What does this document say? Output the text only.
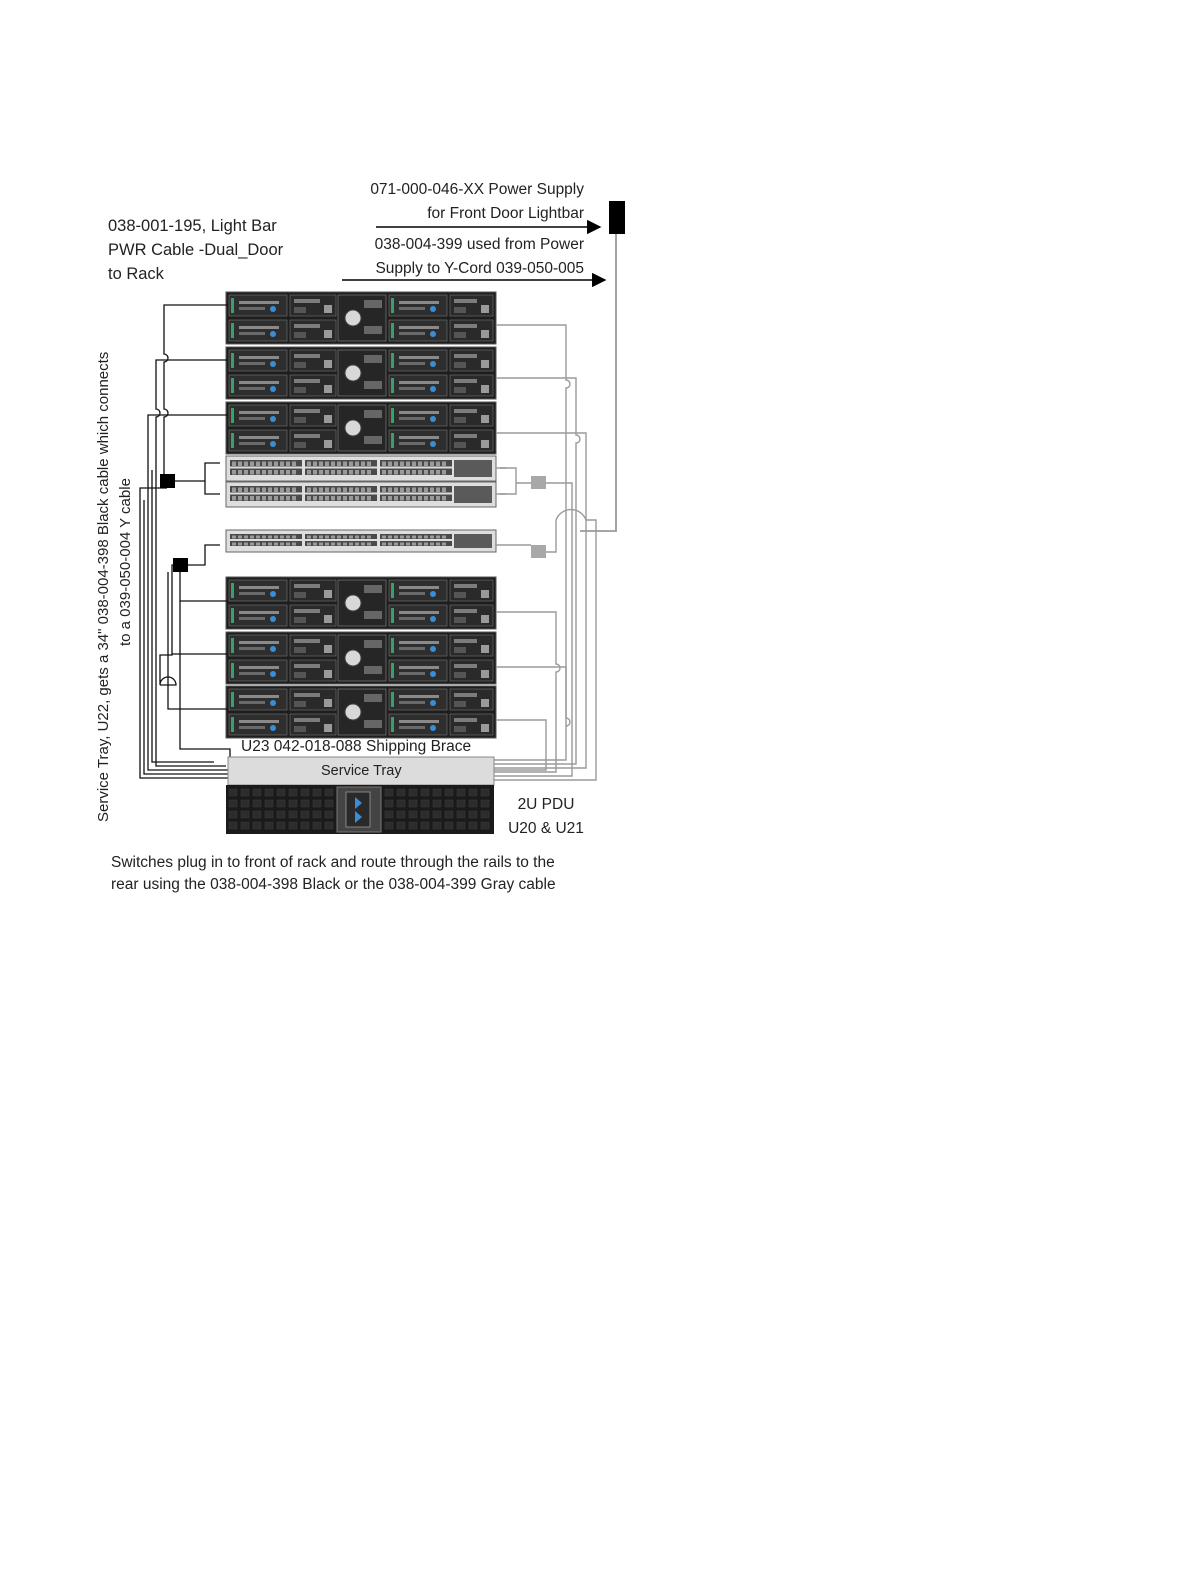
071-000-046-XX Power Supply
for Front Door Lightbar
038-001-195, Light Bar
PWR Cable -Dual_Door
to Rack
038-004-399 used from Power
Supply to Y-Cord 039-050-005
Service Tray, U22, gets a 34" 038-004-398 Black cable which connects to a 039-050-004 Y cable
U23 042-018-088 Shipping Brace
Service Tray
2U PDU
U20 & U21
Switches plug in to front of rack and route through the rails to the
rear using the 038-004-398 Black or the 038-004-399 Gray cable
